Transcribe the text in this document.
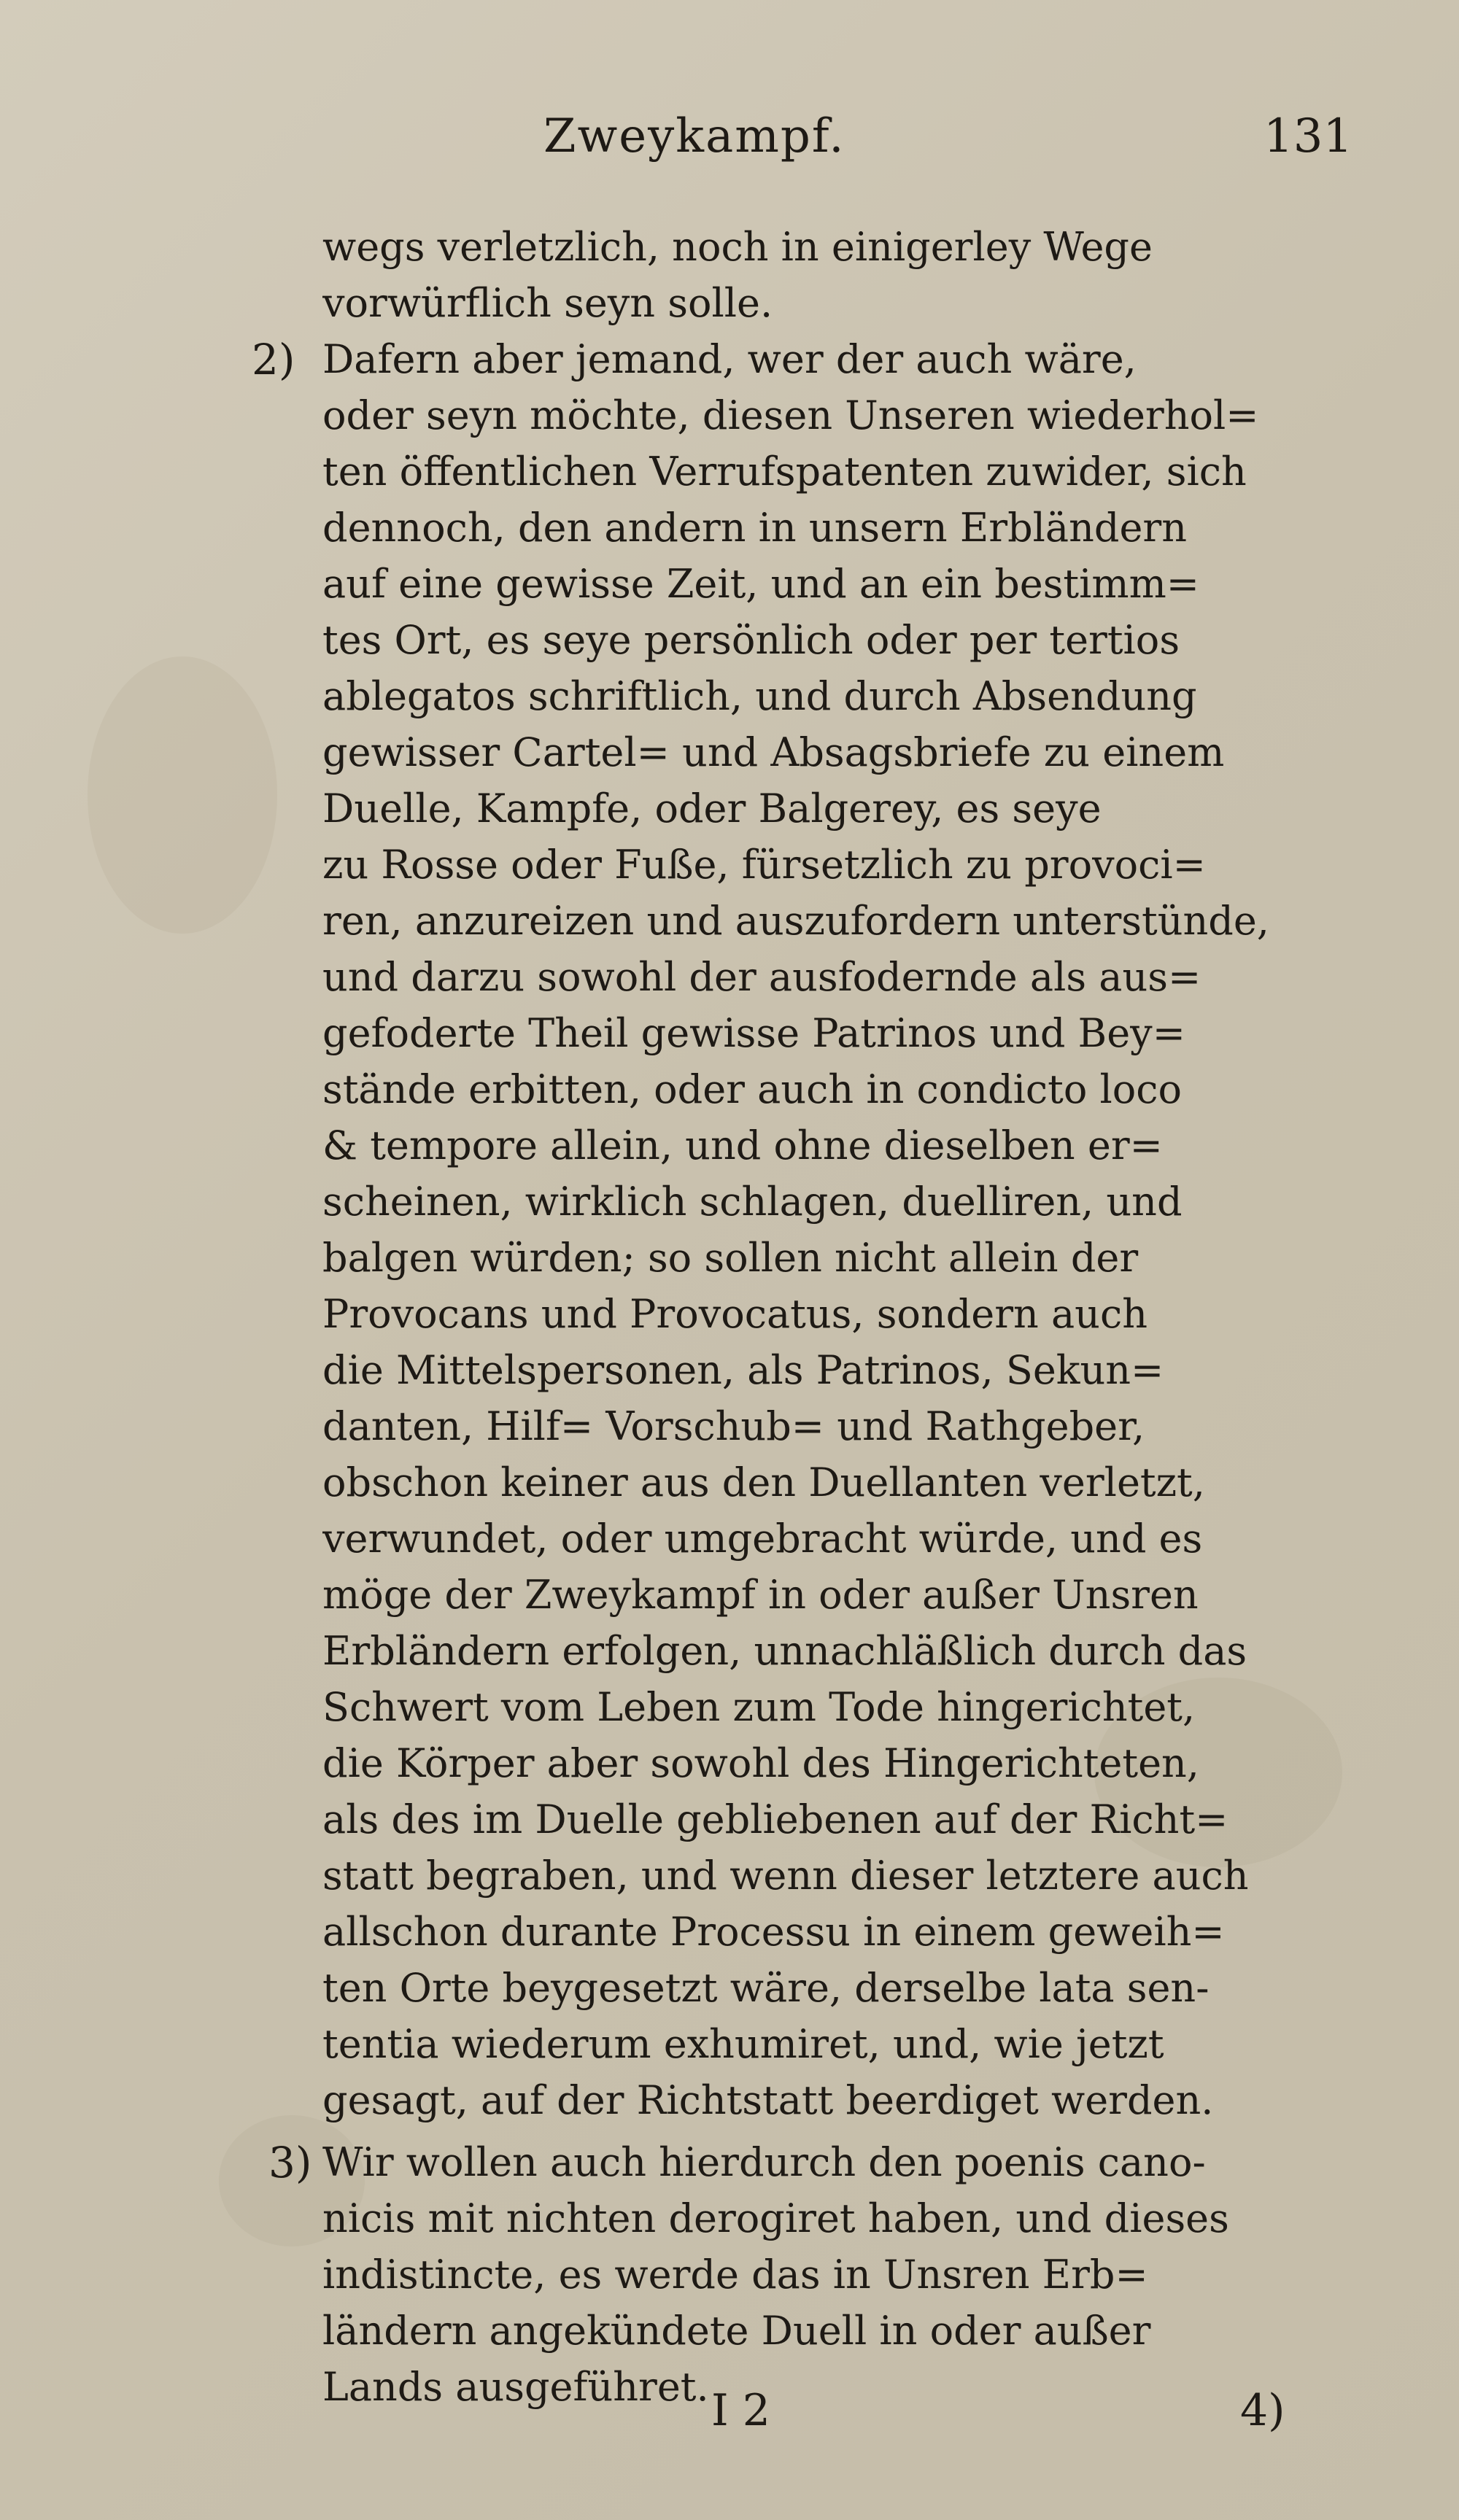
Zweykampf.	131
2)
3)
wegs verletzlich, noch in einigerley Wege
vorwürflich seyn solle.
Dafern aber jemand, wer der auch wäre,
oder seyn möchte, diesen Unseren wiederhol=
ten öffentlichen Verrufspatenten zuwider, sich
dennoch, den andern in unsern Erbländern
auf eine gewisse Zeit, und an ein bestimm=
tes Ort, es seye persönlich oder per tertios
ablegatos schriftlich, und durch Absendung
gewisser Cartel= und Absagsbriefe zu einem
Duelle, Kampfe, oder Balgerey, es seye
zu Rosse oder Fuße, fürsetzlich zu provoci=
ren, anzureizen und auszufordern unterstünde,
und darzu sowohl der ausfodernde als aus=
gefoderte Theil gewisse Patrinos und Bey=
stände erbitten, oder auch in condicto loco
& tempore allein, und ohne dieselben er=
scheinen, wirklich schlagen, duelliren, und
balgen würden; so sollen nicht allein der
Provocans und Provocatus, sondern auch
die Mittelspersonen, als Patrinos, Sekun=
danten, Hilf= Vorschub= und Rathgeber,
obschon keiner aus den Duellanten verletzt,
verwundet, oder umgebracht würde, und es
möge der Zweykampf in oder außer Unsren
Erbländern erfolgen, unnachläßlich durch das
Schwert vom Leben zum Tode hingerichtet,
die Körper aber sowohl des Hingerichteten,
als des im Duelle gebliebenen auf der Richt=
statt begraben, und wenn dieser letztere auch
allschon durante Processu in einem geweih=
ten Orte beygesetzt wäre, derselbe lata sen-
tentia wiederum exhumiret, und, wie jetzt
gesagt, auf der Richtstatt beerdiget werden.
Wir wollen auch hierdurch den poenis cano-
nicis mit nichten derogiret haben, und dieses
indistincte, es werde das in Unsren Erb=
ländern angekündete Duell in oder außer
Lands ausgeführet. I 2	4)
